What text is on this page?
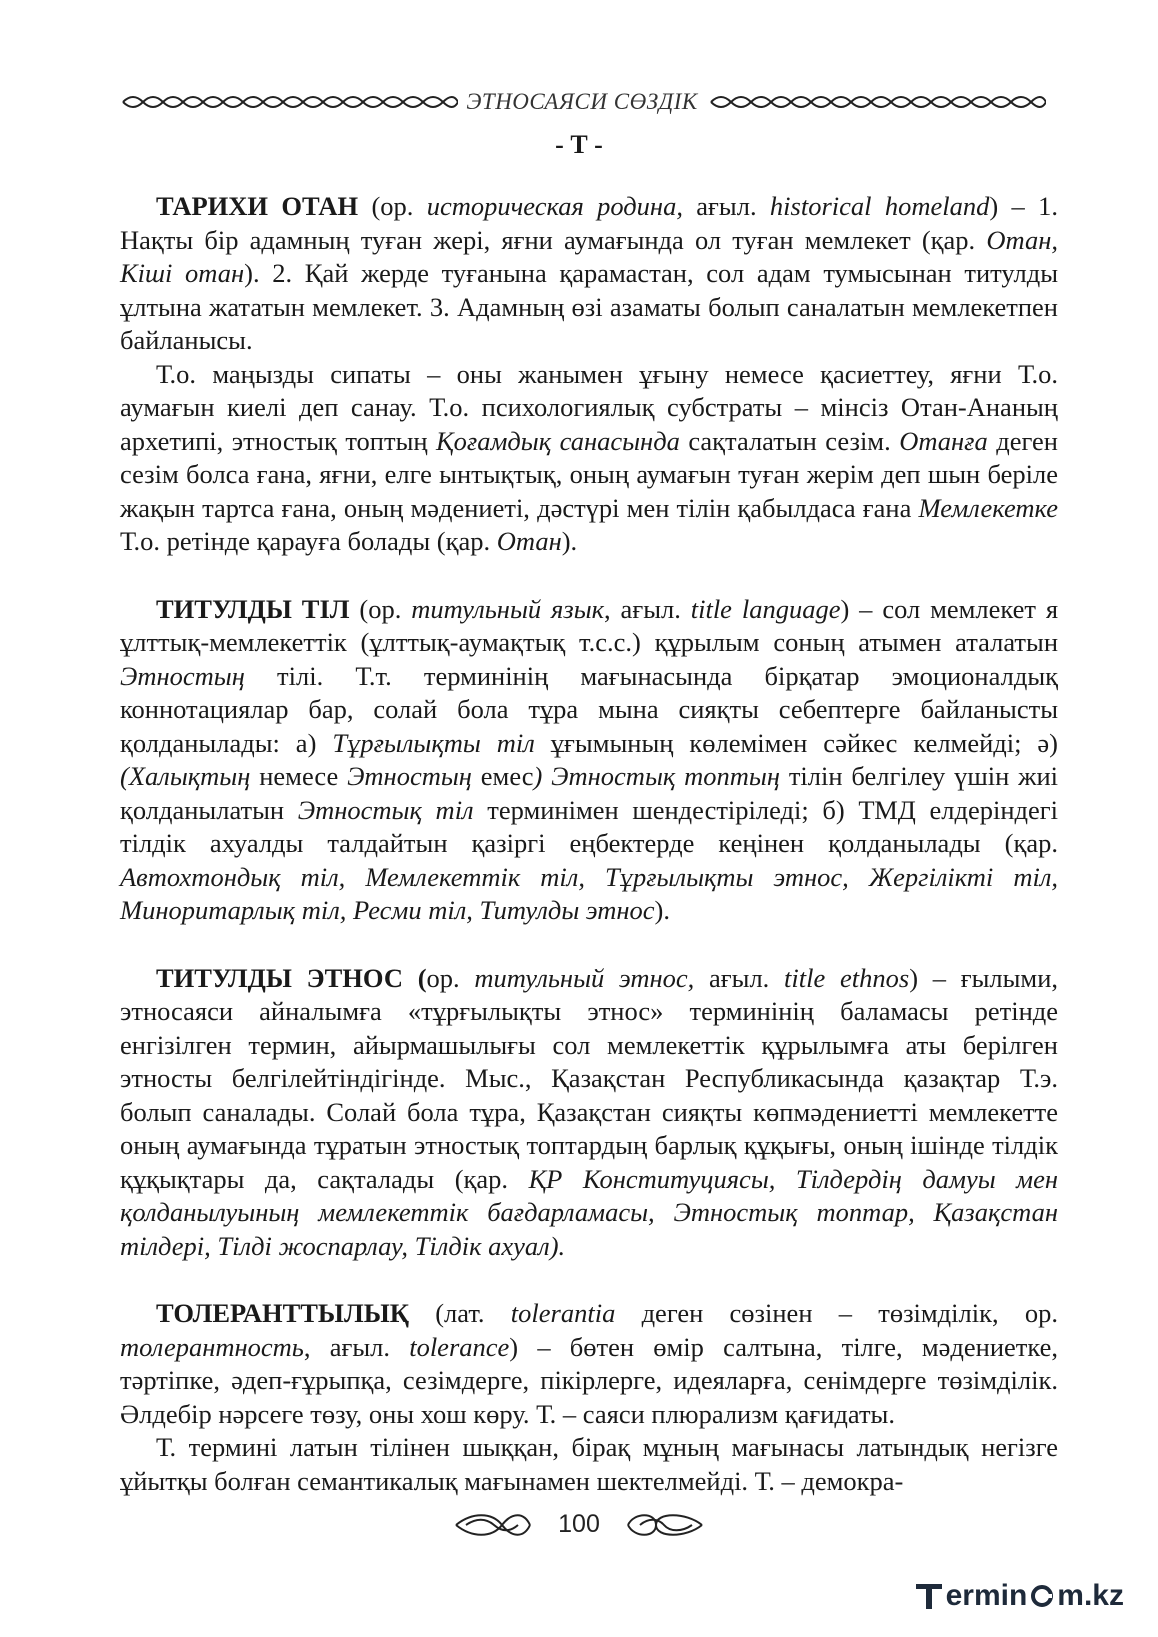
ЭТНОСАЯСИ СӨЗДІК
- Т -

ТАРИХИ ОТАН (ор. историческая родина, ағыл. historical homeland) – 1. Нақты бір адамның туған жері, яғни аумағында ол туған мемлекет (қар. Отан, Кіші отан). 2. Қай жерде туғанына қарамастан, сол адам тумысынан титулды ұлтына жататын мемлекет. 3. Адамның өзі азаматы болып саналатын мемлекетпен байланысы.

Т.о. маңызды сипаты – оны жанымен ұғыну немесе қасиеттеу, яғни Т.о. аумағын киелі деп санау. Т.о. психологиялық субстраты – мінсіз Отан-Ананың архетипі, этностық топтың Қоғамдық санасында сақталатын сезім. Отанға деген сезім болса ғана, яғни, елге ынтықтық, оның аумағын туған жерім деп шын беріле жақын тартса ғана, оның мәдениеті, дәстүрі мен тілін қабылдаса ғана Мемлекетке Т.о. ретінде қарауға болады (қар. Отан).

ТИТУЛДЫ ТІЛ (ор. титульный язык, ағыл. title language) – сол мемлекет я ұлттық-мемлекеттік (ұлттық-аумақтық т.с.с.) құрылым соның атымен аталатын Этностың тілі. Т.т. терминінің мағынасында бірқатар эмоционалдық коннотациялар бар, солай бола тұра мына сияқты себептерге байланысты қолданылады: а) Тұрғылықты тіл ұғымының көлемімен сәйкес келмейді; ә) (Халықтың немесе Этностың емес) Этностық топтың тілін белгілеу үшін жиі қолданылатын Этностық тіл терминімен шендестіріледі; б) ТМД елдеріндегі тілдік ахуалды талдайтын қазіргі еңбектерде кеңінен қолданылады (қар. Автохтондық тіл, Мемлекеттік тіл, Тұрғылықты этнос, Жергілікті тіл, Миноритарлық тіл, Ресми тіл, Титулды этнос).

ТИТУЛДЫ ЭТНОС (ор. титульный этнос, ағыл. title ethnos) – ғылыми, этносаяси айналымға «тұрғылықты этнос» терминінің баламасы ретінде енгізілген термин, айырмашылығы сол мемлекеттік құрылымға аты берілген этносты белгілейтіндігінде. Мыс., Қазақстан Республикасында қазақтар Т.э. болып саналады. Солай бола тұра, Қазақстан сияқты көпмәдениетті мемлекетте оның аумағында тұратын этностық топтардың барлық құқығы, оның ішінде тілдік құқықтары да, сақталады (қар. ҚР Конституциясы, Тілдердің дамуы мен қолданылуының мемлекеттік бағдарламасы, Этностық топтар, Қазақстан тілдері, Тілді жоспарлау, Тілдік ахуал).

ТОЛЕРАНТТЫЛЫҚ (лат. tolerantia деген сөзінен – төзімділік, ор. толерантность, ағыл. tolerance) – бөтен өмір салтына, тілге, мәдениетке, тәртіпке, әдеп-ғұрыпқа, сезімдерге, пікірлерге, идеяларға, сенімдерге төзімділік. Әлдебір нәрсеге төзу, оны хош көру. Т. – саяси плюрализм қағидаты.

Т. термині латын тілінен шыққан, бірақ мұның мағынасы латындық негізге ұйытқы болған семантикалық мағынамен шектелмейді. Т. – демокра-

100
ermin m.kz
